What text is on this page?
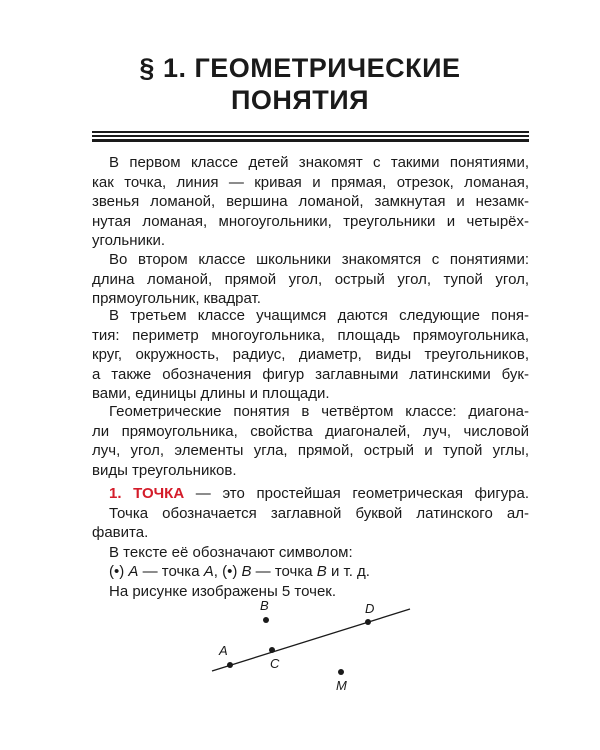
§ 1. ГЕОМЕТРИЧЕСКИЕ
ПОНЯТИЯ
В первом классе детей знакомят с такими понятиями,
как точка, линия — кривая и прямая, отрезок, ломаная,
звенья ломаной, вершина ломаной, замкнутая и незамк-
нутая ломаная, многоугольники, треугольники и четырёх-
угольники.
Во втором классе школьники знакомятся с понятиями:
длина ломаной, прямой угол, острый угол, тупой угол,
прямоугольник, квадрат.
В третьем классе учащимся даются следующие поня-
тия: периметр многоугольника, площадь прямоугольника,
круг, окружность, радиус, диаметр, виды треугольников,
а также обозначения фигур заглавными латинскими бук-
вами, единицы длины и площади.
Геометрические понятия в четвёртом классе: диагона-
ли прямоугольника, свойства диагоналей, луч, числовой
луч, угол, элементы угла, прямой, острый и тупой углы,
виды треугольников.
1. ТОЧКА — это простейшая геометрическая фигура.
Точка обозначается заглавной буквой латинского ал-
фавита.
В тексте её обозначают символом:
(•) A — точка A, (•) B — точка B и т. д.
На рисунке изображены 5 точек.
A
B
C
D
M
